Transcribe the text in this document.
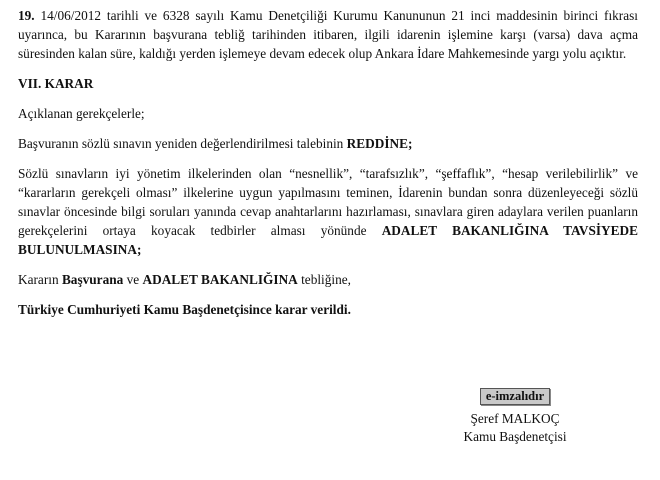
19. 14/06/2012 tarihli ve 6328 sayılı Kamu Denetçiliği Kurumu Kanununun 21 inci maddesinin birinci fıkrası uyarınca, bu Kararının başvurana tebliğ tarihinden itibaren, ilgili idarenin işlemine karşı (varsa) dava açma süresinden kalan süre, kaldığı yerden işlemeye devam edecek olup Ankara İdare Mahkemesinde yargı yolu açıktır.

VII. KARAR

Açıklanan gerekçelerle;

Başvuranın sözlü sınavın yeniden değerlendirilmesi talebinin REDDİNE;

Sözlü sınavların iyi yönetim ilkelerinden olan “nesnellik”, “tarafsızlık”, “şeffaflık”, “hesap verilebilirlik” ve “kararların gerekçeli olması” ilkelerine uygun yapılmasını teminen, İdarenin bundan sonra düzenleyeceği sözlü sınavlar öncesinde bilgi soruları yanında cevap anahtarlarını hazırlaması, sınavlara giren adaylara verilen puanların gerekçelerini ortaya koyacak tedbirler alması yönünde ADALET BAKANLIĞINA TAVSİYEDE BULUNULMASINA;

Kararın Başvurana ve ADALET BAKANLIĞINA tebliğine,

Türkiye Cumhuriyeti Kamu Başdenetçisince karar verildi.

e-imzalıdır
Şeref MALKOÇ
Kamu Başdenetçisi
